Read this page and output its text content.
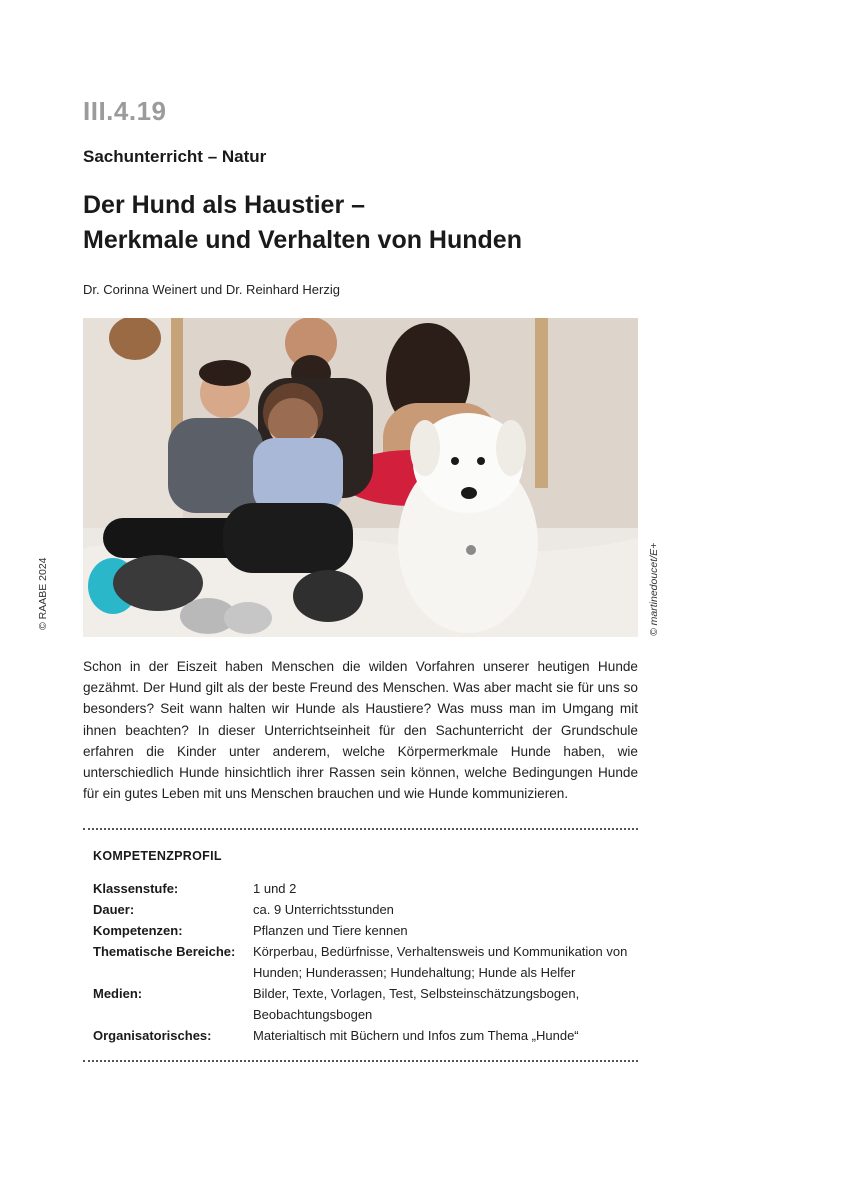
III.4.19
Sachunterricht – Natur
Der Hund als Haustier –
Merkmale und Verhalten von Hunden
Dr. Corinna Weinert und Dr. Reinhard Herzig
© martinedoucet/E+
© RAABE 2024
Schon in der Eiszeit haben Menschen die wilden Vorfahren unserer heutigen Hunde gezähmt. Der Hund gilt als der beste Freund des Menschen. Was aber macht sie für uns so besonders? Seit wann halten wir Hunde als Haustiere? Was muss man im Umgang mit ihnen beachten? In dieser Unterrichtseinheit für den Sachunterricht der Grundschule erfahren die Kinder unter anderem, welche Körpermerkmale Hunde haben, wie unterschiedlich Hunde hinsichtlich ihrer Rassen sein können, welche Bedingungen Hunde für ein gutes Leben mit uns Menschen brauchen und wie Hunde kommunizieren.
KOMPETENZPROFIL
Klassenstufe:	1 und 2
Dauer:	ca. 9 Unterrichtsstunden
Kompetenzen:	Pflanzen und Tiere kennen
Thematische Bereiche:	Körperbau, Bedürfnisse, Verhaltensweis und Kommunikation von Hunden; Hunderassen; Hundehaltung; Hunde als Helfer
Medien:	Bilder, Texte, Vorlagen, Test, Selbsteinschätzungsbogen, Beobachtungsbogen
Organisatorisches:	Materialtisch mit Büchern und Infos zum Thema „Hunde“
